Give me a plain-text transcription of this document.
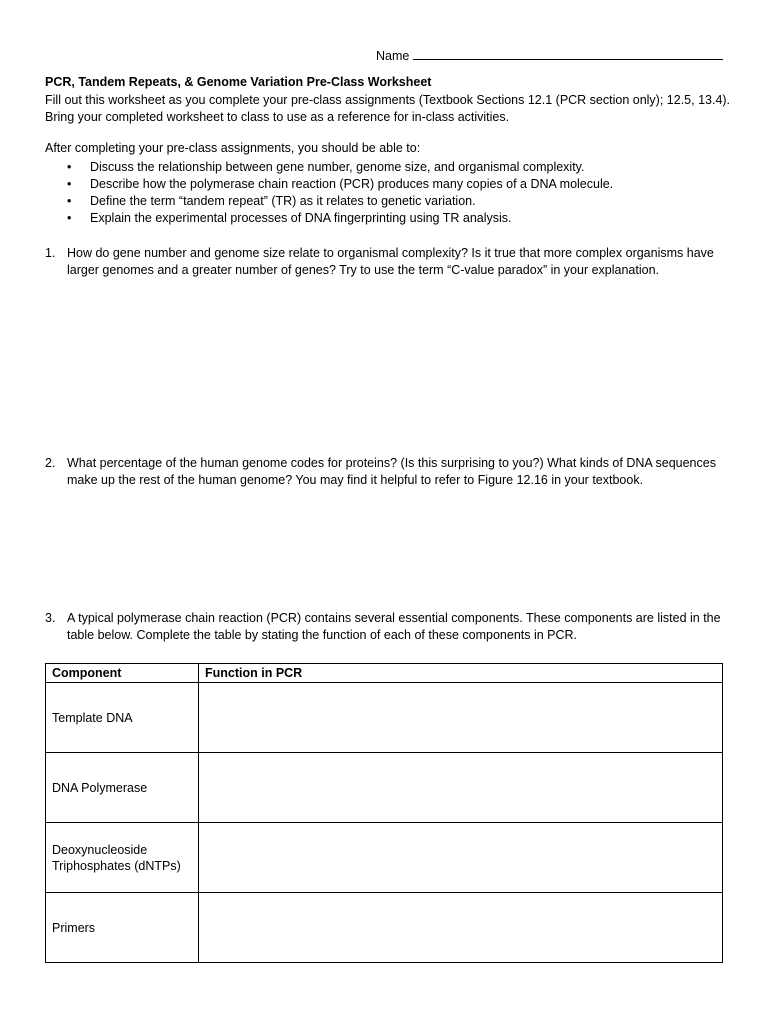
Name
PCR, Tandem Repeats, & Genome Variation Pre-Class Worksheet
Fill out this worksheet as you complete your pre-class assignments (Textbook Sections 12.1 (PCR section only); 12.5, 13.4). Bring your completed worksheet to class to use as a reference for in-class activities.
After completing your pre-class assignments, you should be able to:
• Discuss the relationship between gene number, genome size, and organismal complexity.
• Describe how the polymerase chain reaction (PCR) produces many copies of a DNA molecule.
• Define the term “tandem repeat” (TR) as it relates to genetic variation.
• Explain the experimental processes of DNA fingerprinting using TR analysis.
1. How do gene number and genome size relate to organismal complexity? Is it true that more complex organisms have larger genomes and a greater number of genes? Try to use the term “C-value paradox” in your explanation.
2. What percentage of the human genome codes for proteins? (Is this surprising to you?) What kinds of DNA sequences make up the rest of the human genome? You may find it helpful to refer to Figure 12.16 in your textbook.
3. A typical polymerase chain reaction (PCR) contains several essential components. These components are listed in the table below. Complete the table by stating the function of each of these components in PCR.
Component	Function in PCR
Template DNA	
DNA Polymerase	
Deoxynucleoside Triphosphates (dNTPs)	
Primers	
